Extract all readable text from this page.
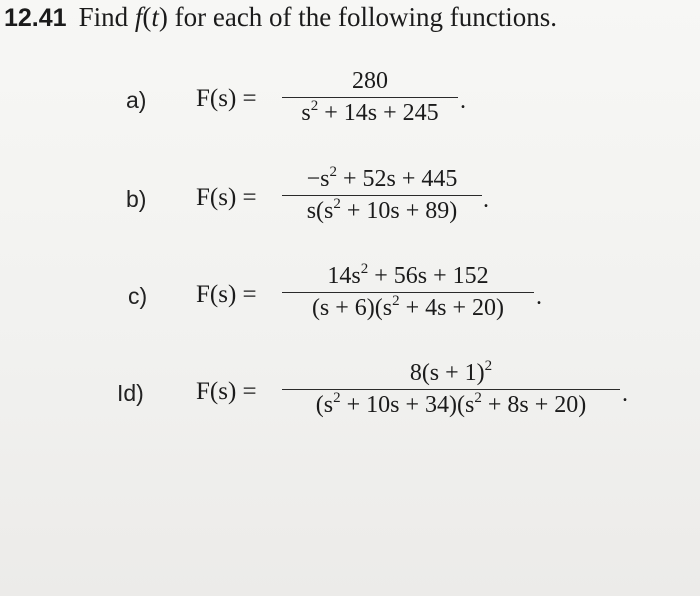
12.41 Find f(t) for each of the following functions.
a) F(s) =
280
$s^2 + 14s + 245$ .
b) F(s) =
$-s^2 + 52s + 445$
$s(s^2 + 10s + 89)$	.
c) F(s) =
$14s^2 + 56s + 152$
$(s + 6)(s^2 + 4s + 20)$	.
Id) F(s) =
$8(s + 1)^2$
$(s^2 + 10s + 34)(s^2 + 8s + 20)$	.
